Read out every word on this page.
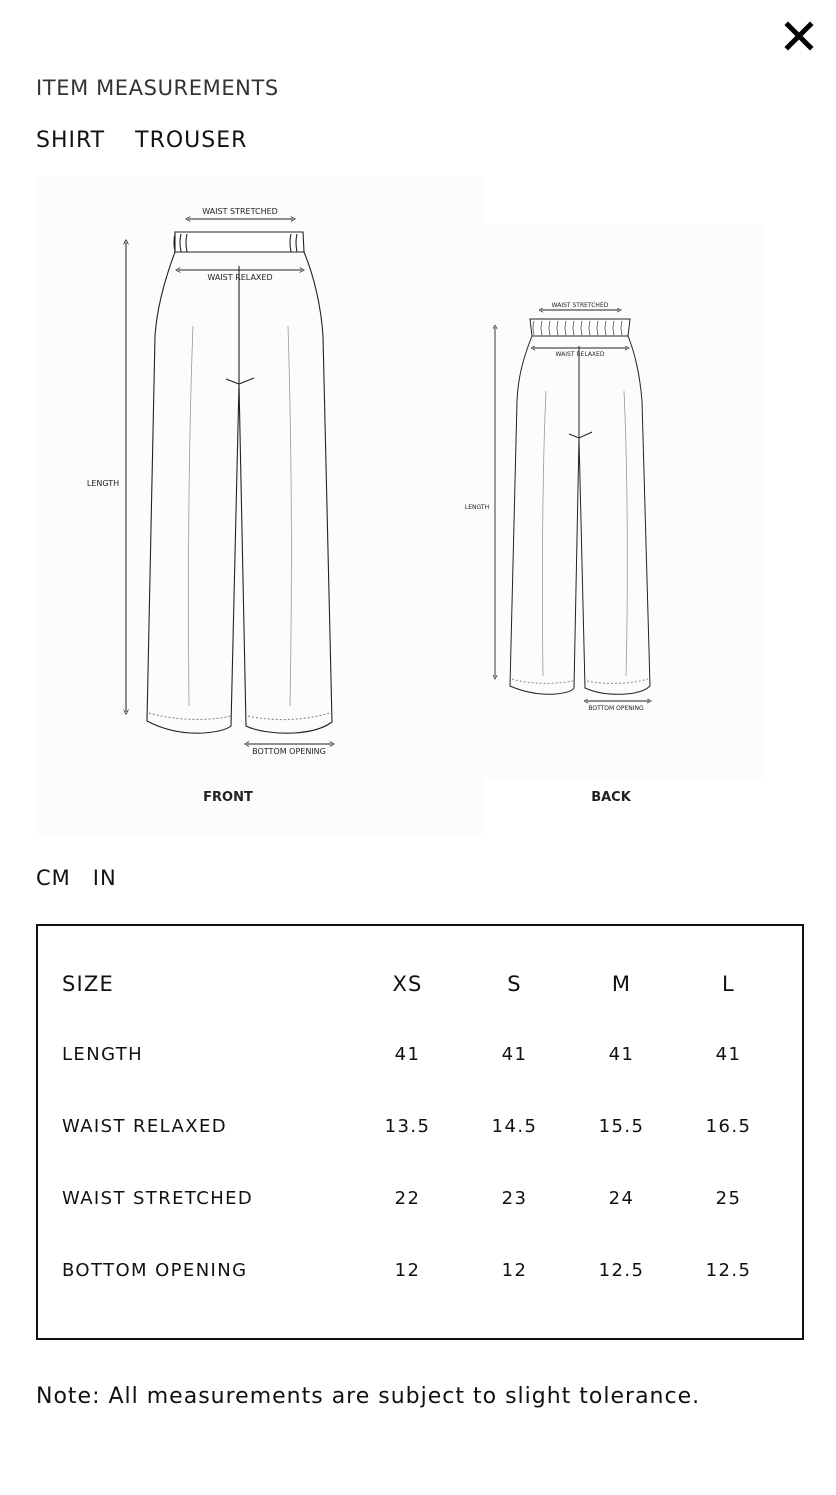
ITEM MEASUREMENTS
SHIRT TROUSER
WAIST STRETCHED
WAIST RELAXED
LENGTH
BOTTOM OPENING
FRONT
WAIST STRETCHED
WAIST RELAXED
LENGTH
BOTTOM OPENING
BACK
CM IN
SIZE	XS	S	M	L
LENGTH	41	41	41	41
WAIST RELAXED	13.5	14.5	15.5	16.5
WAIST STRETCHED	22	23	24	25
BOTTOM OPENING	12	12	12.5	12.5
Note: All measurements are subject to slight tolerance.
